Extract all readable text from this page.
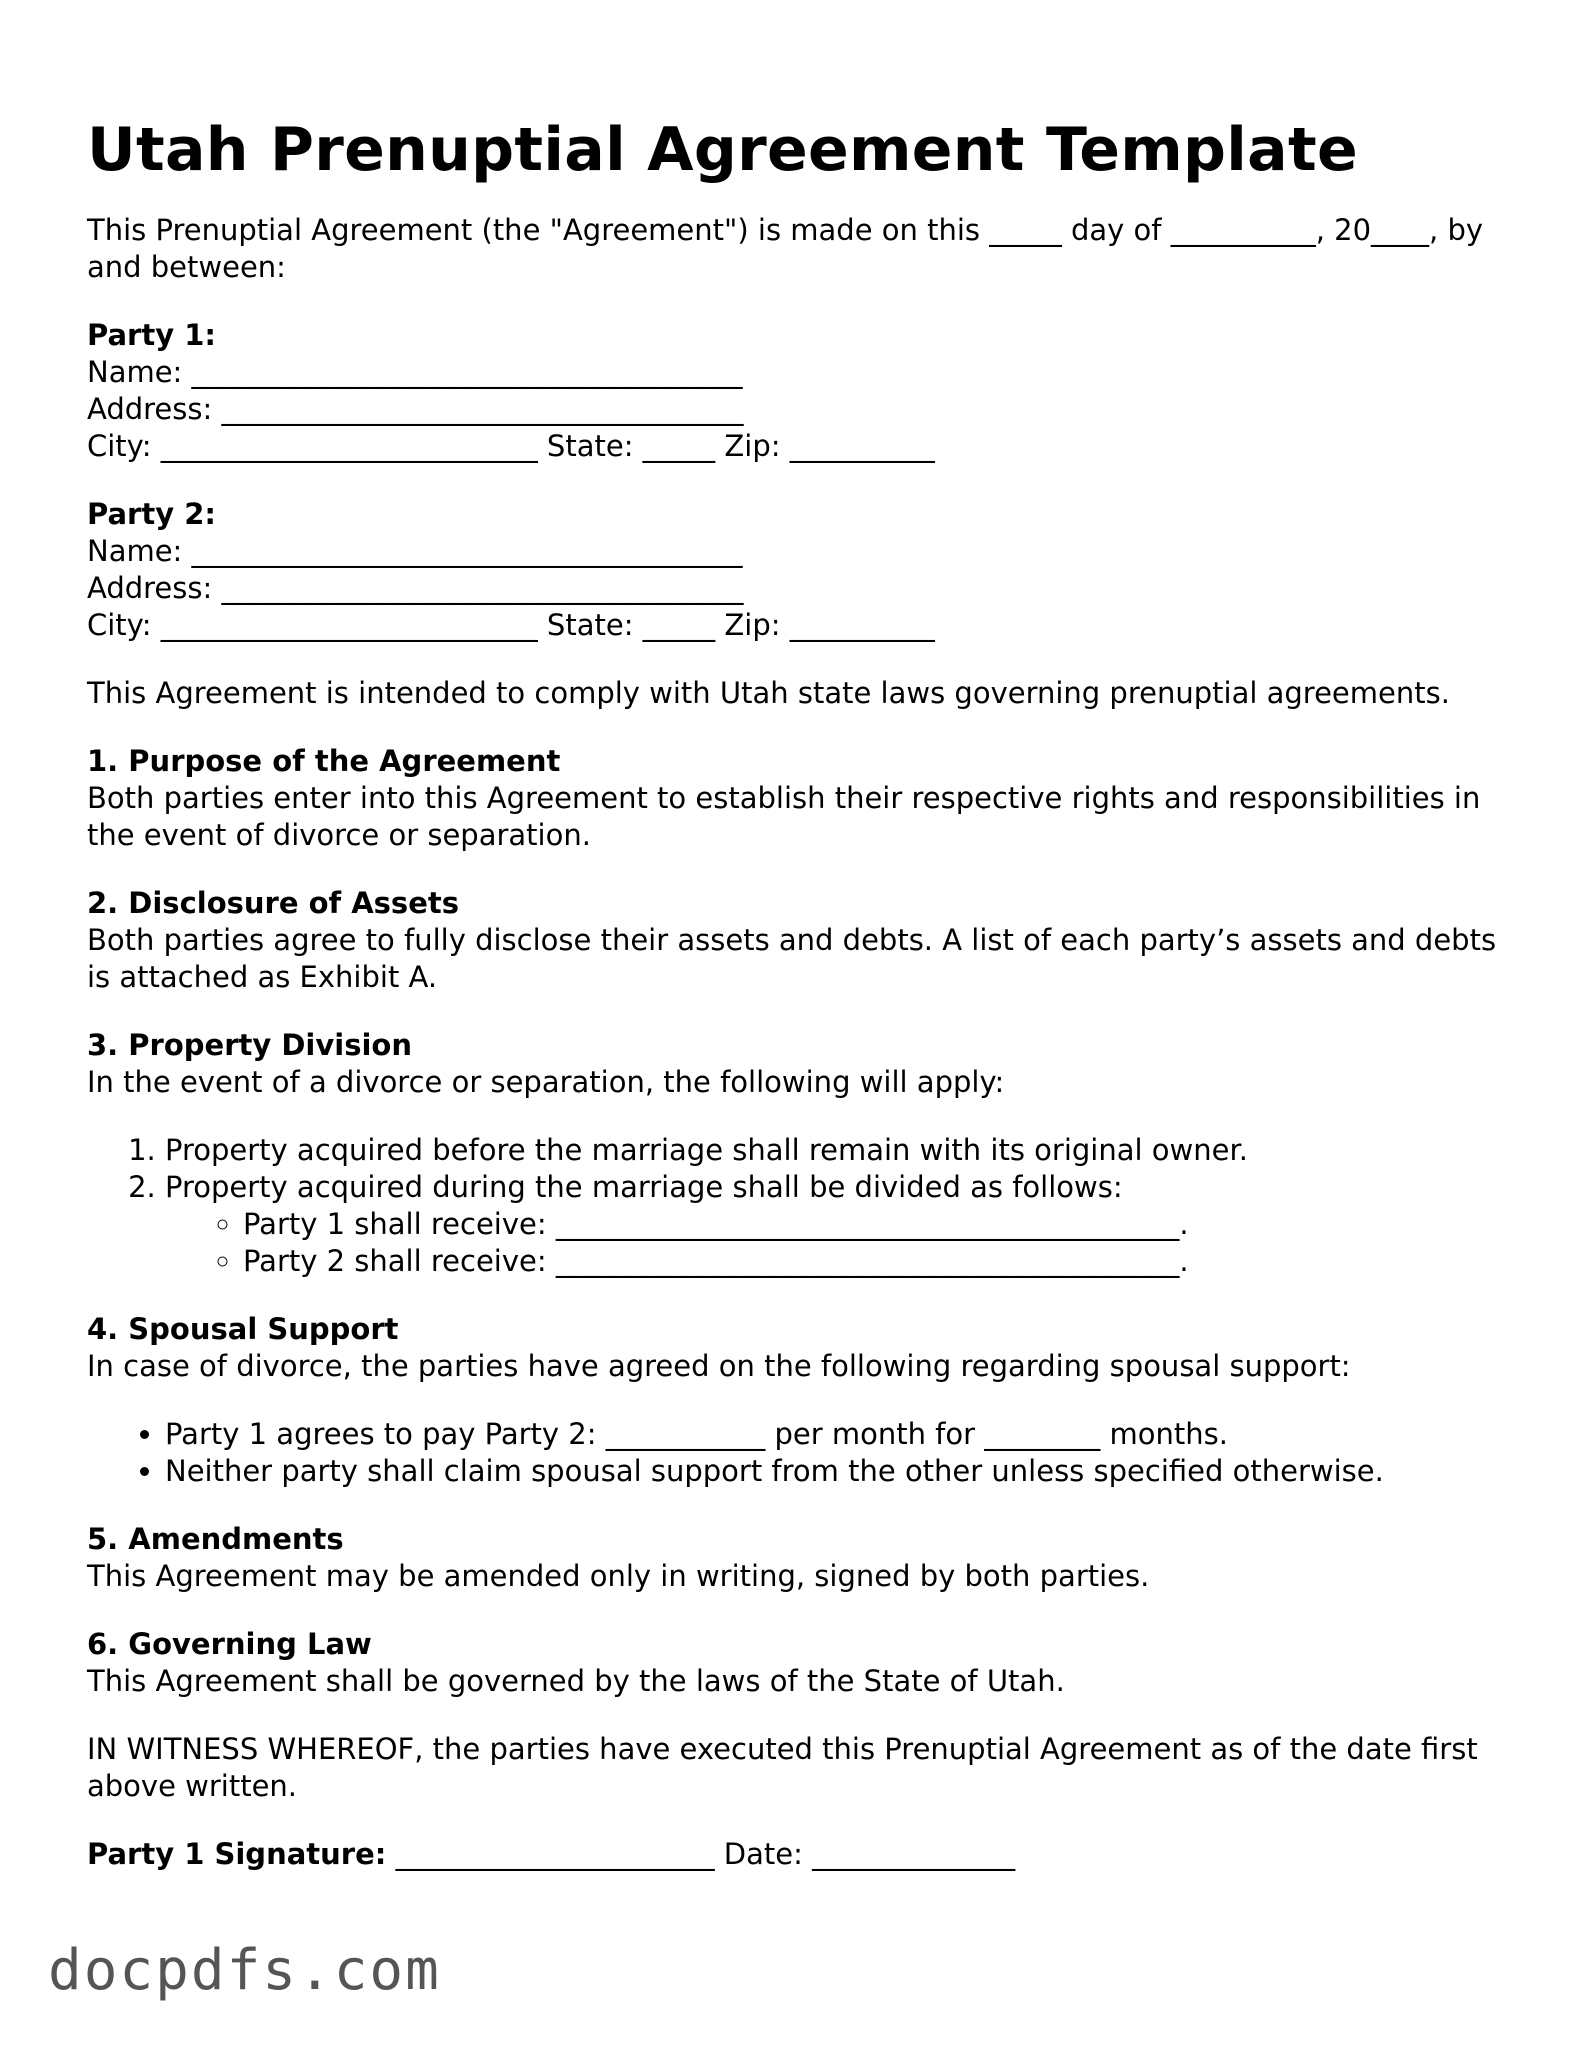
Utah Prenuptial Agreement Template

This Prenuptial Agreement (the "Agreement") is made on this _____ day of __________, 20____, by and between:

Party 1:
Name: ______________________________________
Address: ____________________________________
City: __________________________ State: _____ Zip: __________
Party 2:
Name: ______________________________________
Address: ____________________________________
City: __________________________ State: _____ Zip: __________

This Agreement is intended to comply with Utah state laws governing prenuptial agreements.

1. Purpose of the Agreement

Both parties enter into this Agreement to establish their respective rights and responsibilities in the event of divorce or separation.

2. Disclosure of Assets

Both parties agree to fully disclose their assets and debts. A list of each party’s assets and debts is attached as Exhibit A.

3. Property Division

In the event of a divorce or separation, the following will apply:

1. Property acquired before the marriage shall remain with its original owner.
2. Property acquired during the marriage shall be divided as follows:
◦ Party 1 shall receive: ___________________________________________.
◦ Party 2 shall receive: ___________________________________________.
4. Spousal Support

In case of divorce, the parties have agreed on the following regarding spousal support:

• Party 1 agrees to pay Party 2: ___________ per month for ________ months.
• Neither party shall claim spousal support from the other unless specified otherwise.
5. Amendments

This Agreement may be amended only in writing, signed by both parties.

6. Governing Law

This Agreement shall be governed by the laws of the State of Utah.

IN WITNESS WHEREOF, the parties have executed this Prenuptial Agreement as of the date first above written.

Party 1 Signature: ______________________ Date: ______________
docpdfs.com
